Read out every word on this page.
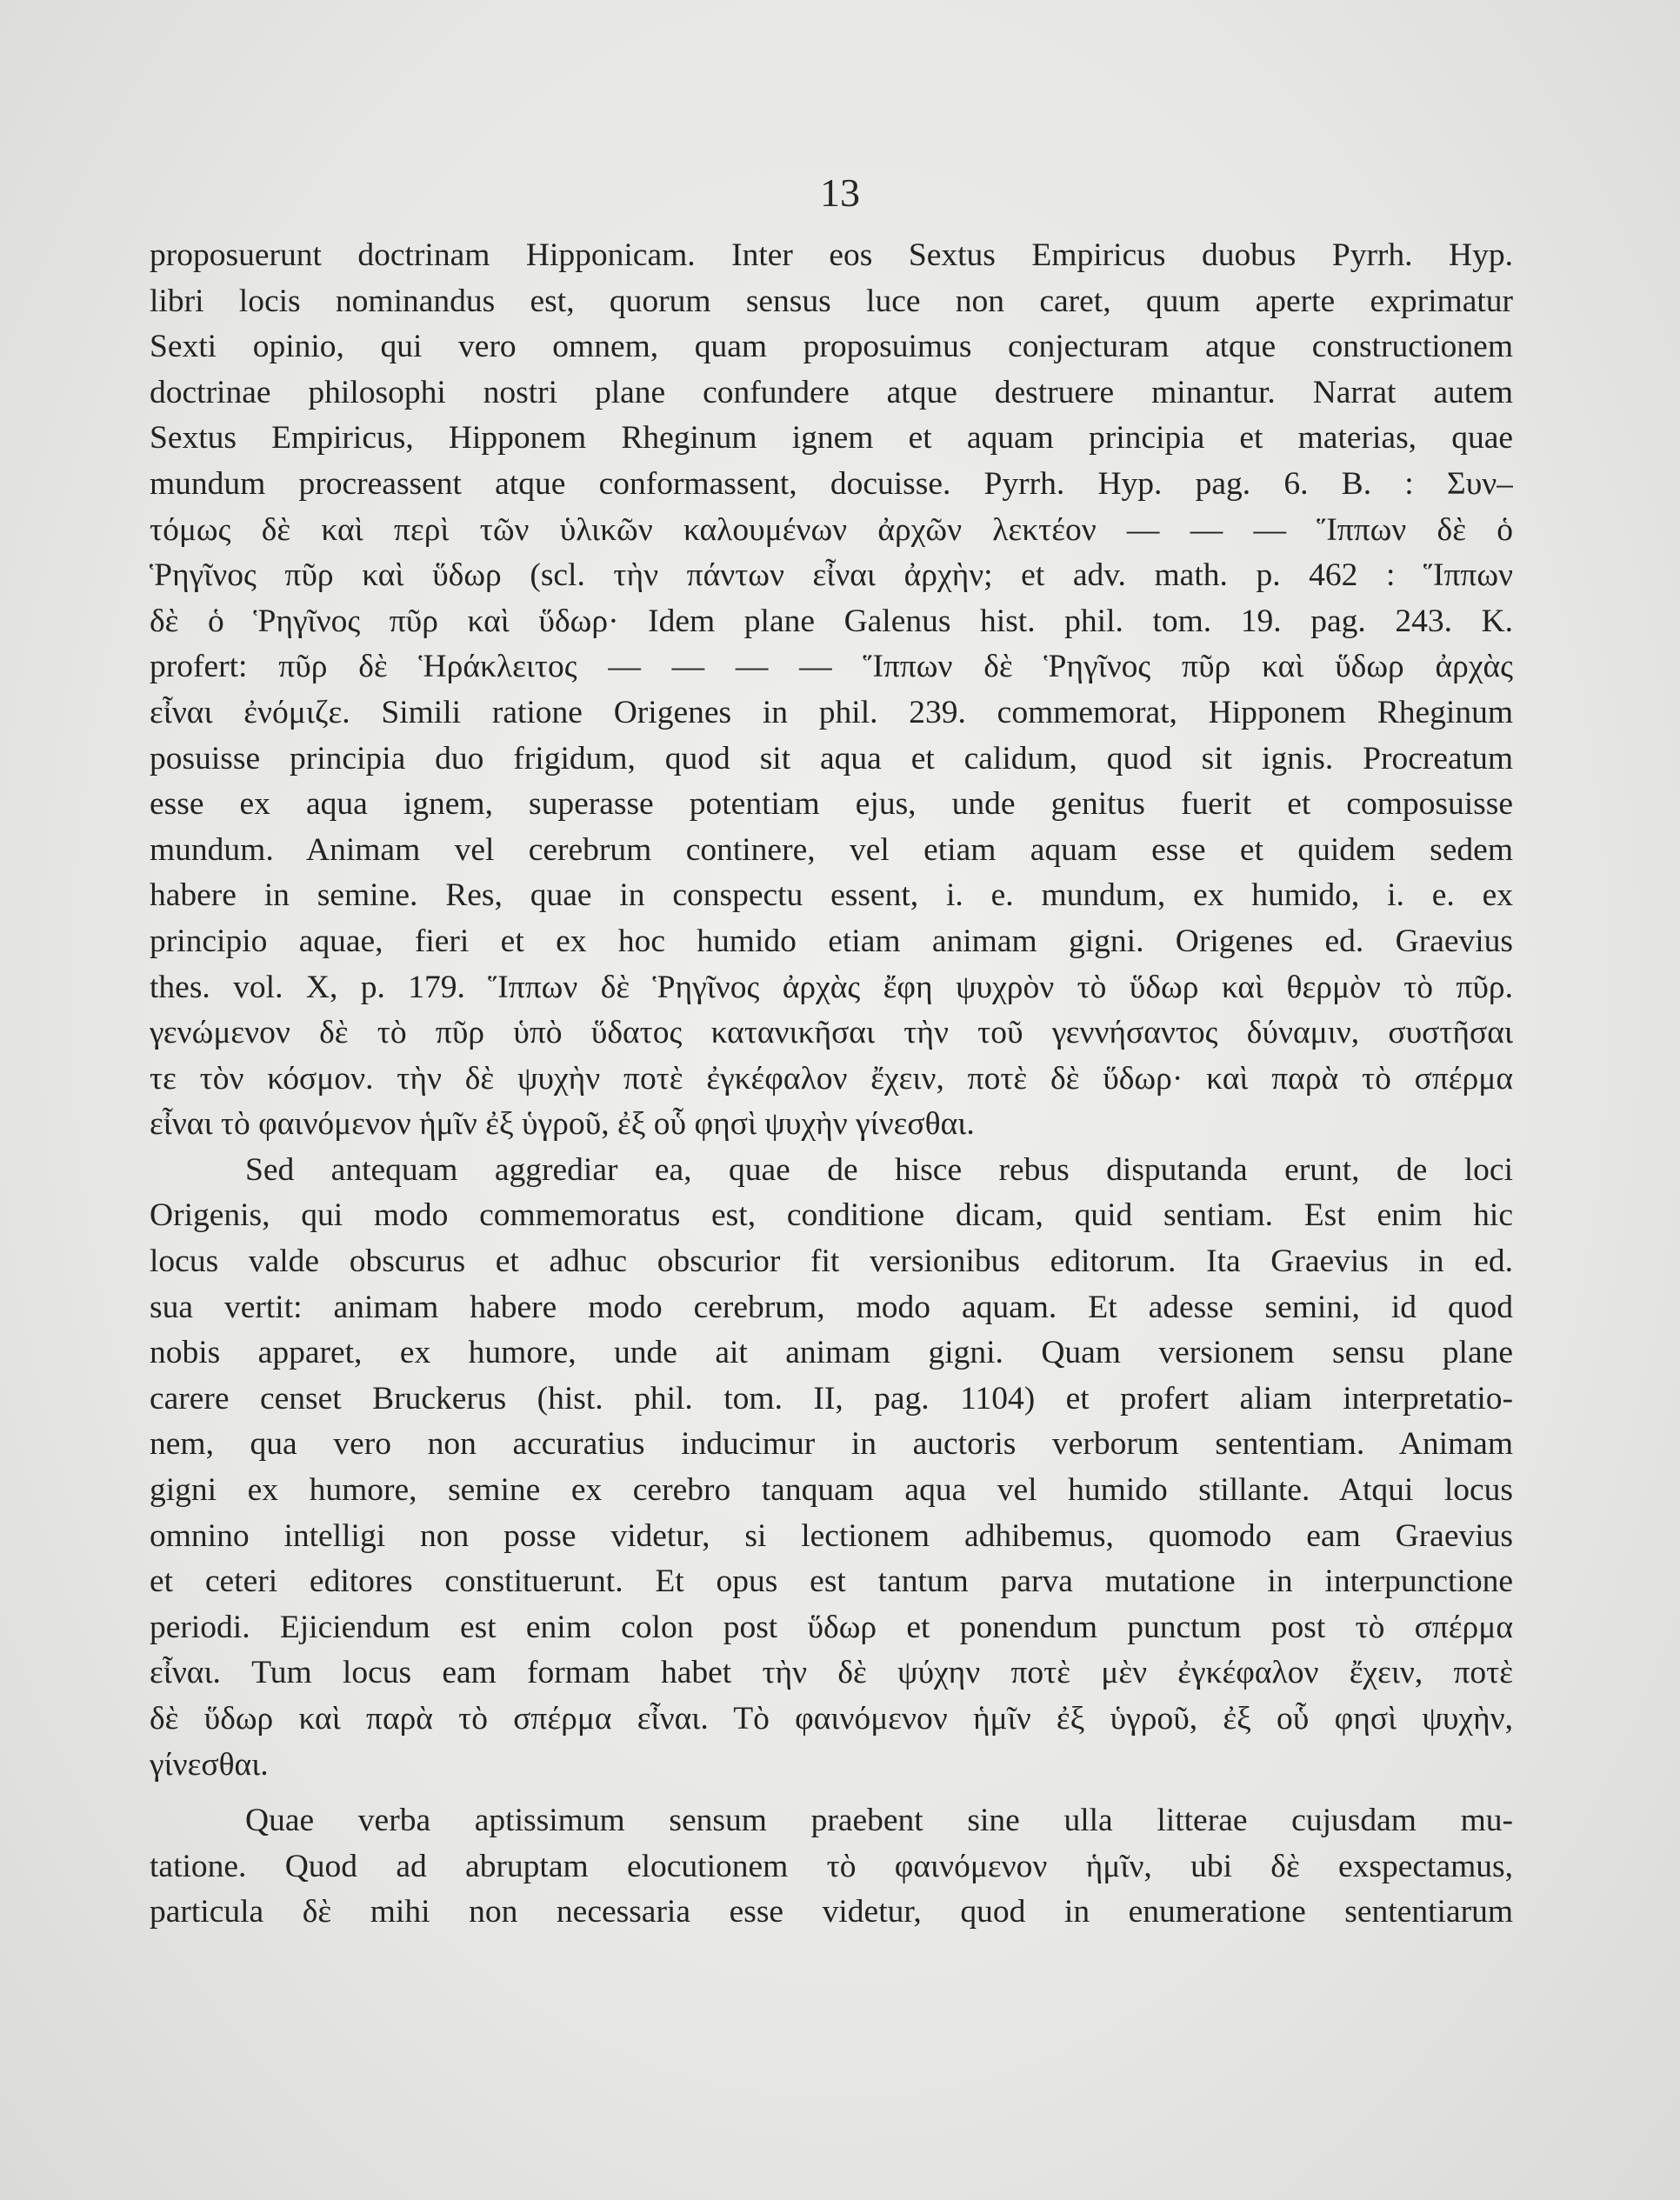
13
proposuerunt doctrinam Hipponicam. Inter eos Sextus Empiricus duobus Pyrrh. Hyp.
libri locis nominandus est, quorum sensus luce non caret, quum aperte exprimatur
Sexti opinio, qui vero omnem, quam proposuimus conjecturam atque constructionem
doctrinae philosophi nostri plane confundere atque destruere minantur. Narrat autem
Sextus Empiricus, Hipponem Rheginum ignem et aquam principia et materias, quae
mundum procreassent atque conformassent, docuisse. Pyrrh. Hyp. pag. 6. B. : Συν–
τόμως δὲ καὶ περὶ τῶν ὑλικῶν καλουμένων ἀρχῶν λεκτέον — — — Ἵππων δὲ ὁ
Ῥηγῖνος πῦρ καὶ ὕδωρ (scl. τὴν πάντων εἶναι ἀρχὴν; et adv. math. p. 462 : Ἵππων
δὲ ὁ Ῥηγῖνος πῦρ καὶ ὕδωρ· Idem plane Galenus hist. phil. tom. 19. pag. 243. K.
profert: πῦρ δὲ Ἡράκλειτος — — — — Ἵππων δὲ Ῥηγῖνος πῦρ καὶ ὕδωρ ἀρχὰς
εἶναι ἐνόμιζε. Simili ratione Origenes in phil. 239. commemorat, Hipponem Rheginum
posuisse principia duo frigidum, quod sit aqua et calidum, quod sit ignis. Procreatum
esse ex aqua ignem, superasse potentiam ejus, unde genitus fuerit et composuisse
mundum. Animam vel cerebrum continere, vel etiam aquam esse et quidem sedem
habere in semine. Res, quae in conspectu essent, i. e. mundum, ex humido, i. e. ex
principio aquae, fieri et ex hoc humido etiam animam gigni. Origenes ed. Graevius
thes. vol. X, p. 179. Ἵππων δὲ Ῥηγῖνος ἀρχὰς ἔφη ψυχρὸν τὸ ὕδωρ καὶ θερμὸν τὸ πῦρ.
γενώμενον δὲ τὸ πῦρ ὑπὸ ὕδατος κατανικῆσαι τὴν τοῦ γεννήσαντος δύναμιν, συστῆσαι
τε τὸν κόσμον. τὴν δὲ ψυχὴν ποτὲ ἐγκέφαλον ἔχειν, ποτὲ δὲ ὕδωρ· καὶ παρὰ τὸ σπέρμα
εἶναι τὸ φαινόμενον ἡμῖν ἐξ ὑγροῦ, ἐξ οὗ φησὶ ψυχὴν γίνεσθαι.
Sed antequam aggrediar ea, quae de hisce rebus disputanda erunt, de loci
Origenis, qui modo commemoratus est, conditione dicam, quid sentiam. Est enim hic
locus valde obscurus et adhuc obscurior fit versionibus editorum. Ita Graevius in ed.
sua vertit: animam habere modo cerebrum, modo aquam. Et adesse semini, id quod
nobis apparet, ex humore, unde ait animam gigni. Quam versionem sensu plane
carere censet Bruckerus (hist. phil. tom. II, pag. 1104) et profert aliam interpretatio-
nem, qua vero non accuratius inducimur in auctoris verborum sententiam. Animam
gigni ex humore, semine ex cerebro tanquam aqua vel humido stillante. Atqui locus
omnino intelligi non posse videtur, si lectionem adhibemus, quomodo eam Graevius
et ceteri editores constituerunt. Et opus est tantum parva mutatione in interpunctione
periodi. Ejiciendum est enim colon post ὕδωρ et ponendum punctum post τὸ σπέρμα
εἶναι. Tum locus eam formam habet τὴν δὲ ψύχην ποτὲ μὲν ἐγκέφαλον ἔχειν, ποτὲ
δὲ ὕδωρ καὶ παρὰ τὸ σπέρμα εἶναι. Τὸ φαινόμενον ἡμῖν ἐξ ὑγροῦ, ἐξ οὗ φησὶ ψυχὴν,
γίνεσθαι.
Quae verba aptissimum sensum praebent sine ulla litterae cujusdam mu-
tatione. Quod ad abruptam elocutionem τὸ φαινόμενον ἡμῖν, ubi δὲ exspectamus,
particula δὲ mihi non necessaria esse videtur, quod in enumeratione sententiarum
